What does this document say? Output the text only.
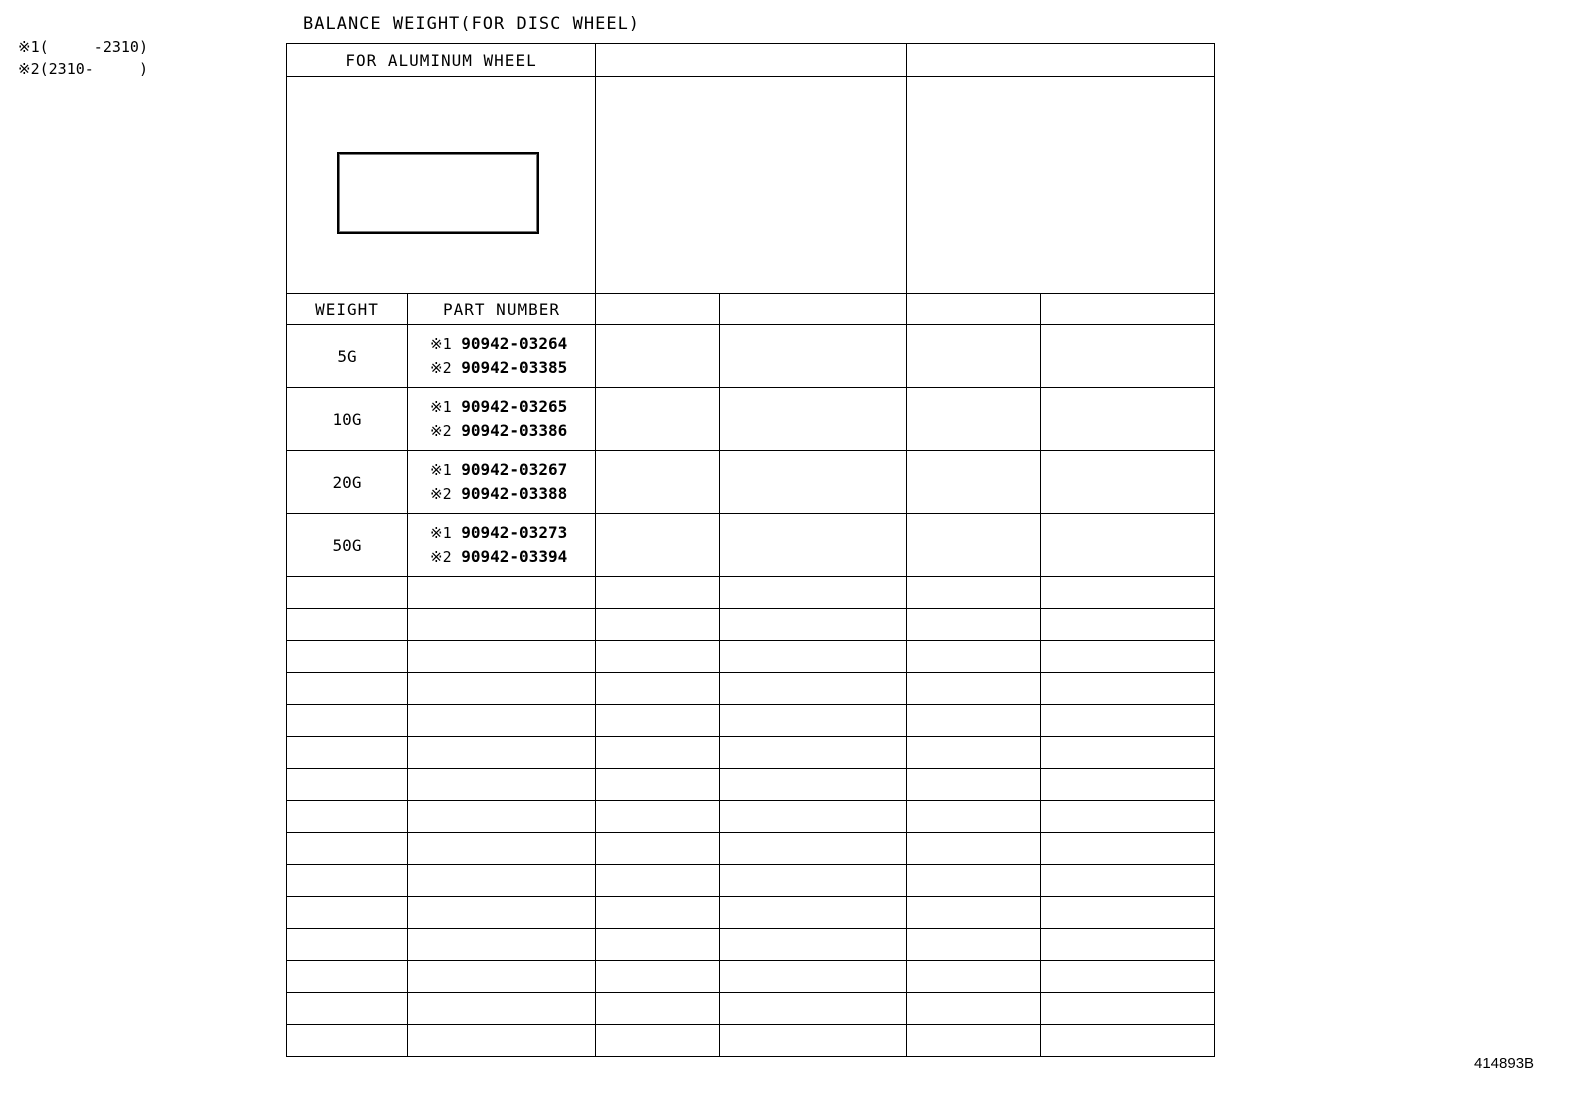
※1(     -2310)
※2(2310-     )
BALANCE WEIGHT(FOR DISC WHEEL)
FOR ALUMINUM WHEEL					

WEIGHT	PART NUMBER				
5G	※1 90942-03264
※2 90942-03385				

10G	※1 90942-03265
※2 90942-03386				

20G	※1 90942-03267
※2 90942-03388				

50G	※1 90942-03273
※2 90942-03394				

414893B
